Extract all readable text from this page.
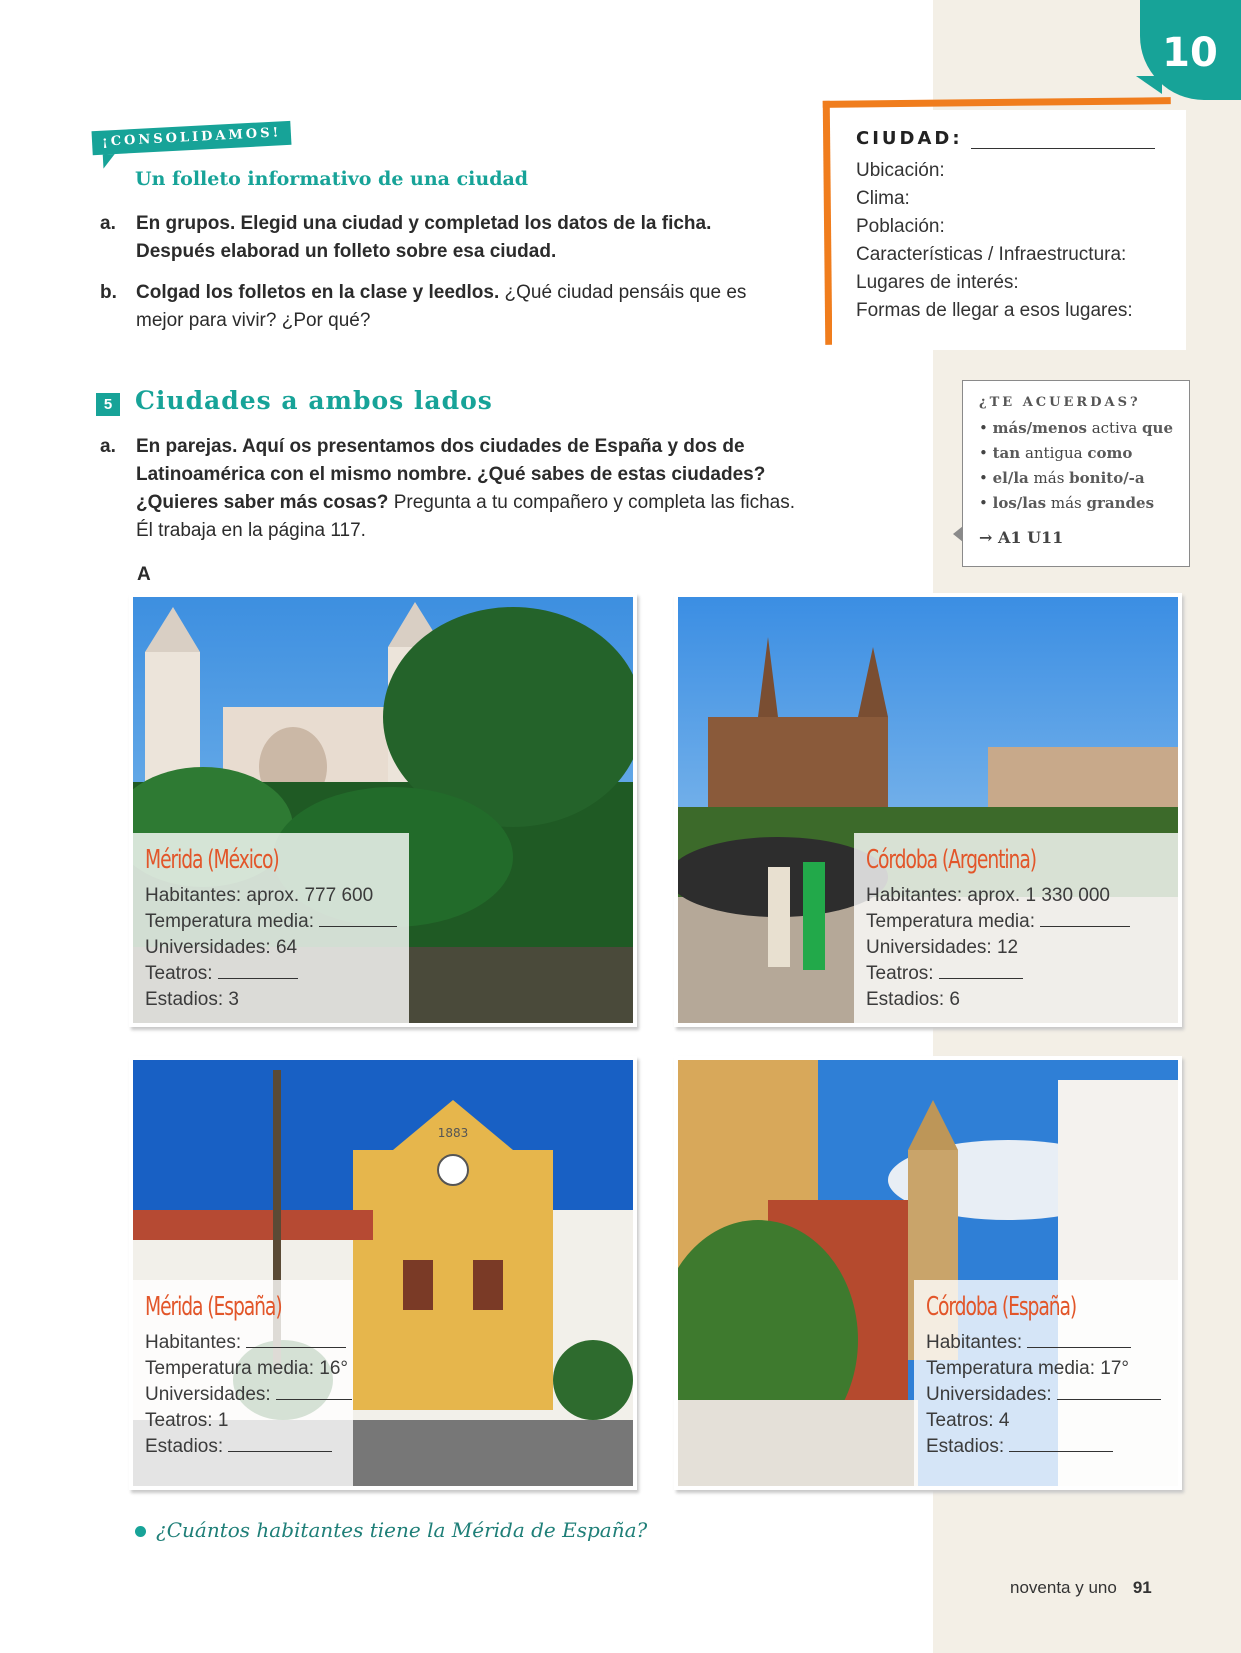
10
¡CONSOLIDAMOS!
Un folleto informativo de una ciudad
a. En grupos. Elegid una ciudad y completad los datos de la ficha. Después elaborad un folleto sobre esa ciudad.
b. Colgad los folletos en la clase y leedlos. ¿Qué ciudad pensáis que es mejor para vivir? ¿Por qué?
CIUDAD:
Ubicación:
Clima:
Población:
Características / Infraestructura:
Lugares de interés:
Formas de llegar a esos lugares:
5 Ciudades a ambos lados
a. En parejas. Aquí os presentamos dos ciudades de España y dos de Latinoamérica con el mismo nombre. ¿Qué sabes de estas ciudades? ¿Quieres saber más cosas? Pregunta a tu compañero y completa las fichas. Él trabaja en la página 117.
¿TE ACUERDAS?
• más/menos activa que
• tan antigua como
• el/la más bonito/-a
• los/las más grandes
→ A1 U11
A
Mérida (México)
Habitantes: aprox. 777 600
Temperatura media:
Universidades: 64
Teatros:
Estadios: 3
Córdoba (Argentina)
Habitantes: aprox. 1 330 000
Temperatura media:
Universidades: 12
Teatros:
Estadios: 6
1883
Mérida (España)
Habitantes:
Temperatura media: 16°
Universidades:
Teatros: 1
Estadios:
Córdoba (España)
Habitantes:
Temperatura media: 17°
Universidades:
Teatros: 4
Estadios:
¿Cuántos habitantes tiene la Mérida de España?
noventa y uno 91
